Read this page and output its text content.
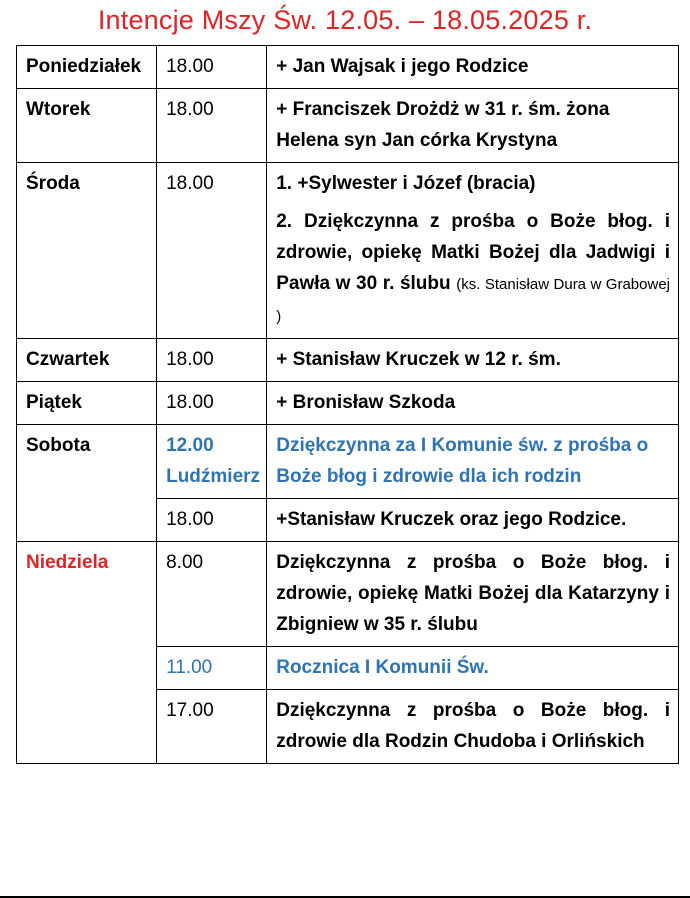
Intencje Mszy Św. 12.05. – 18.05.2025 r.
Poniedziałek	18.00	+ Jan Wajsak i jego Rodzice
Wtorek	18.00	+ Franciszek Drożdż w 31 r. śm. żona Helena syn Jan córka Krystyna
Środa	18.00	1. +Sylwester i Józef (bracia)
2. Dziękczynna z prośba o Boże błog. i zdrowie, opiekę Matki Bożej dla Jadwigi i Pawła w 30 r. ślubu (ks. Stanisław Dura w Grabowej )

Czwartek	18.00	+ Stanisław Kruczek w 12 r. śm.
Piątek	18.00	+ Bronisław Szkoda
Sobota	12.00 Ludźmierz	Dziękczynna za I Komunie św. z prośba o Boże błog i zdrowie dla ich rodzin
	18.00	+Stanisław Kruczek oraz jego Rodzice.
Niedziela	8.00	Dziękczynna z prośba o Boże błog. i zdrowie, opiekę Matki Bożej dla Katarzyny i Zbigniew w 35 r. ślubu
	11.00	Rocznica I Komunii Św.
	17.00	Dziękczynna z prośba o Boże błog. i zdrowie dla Rodzin Chudoba i Orlińskich
